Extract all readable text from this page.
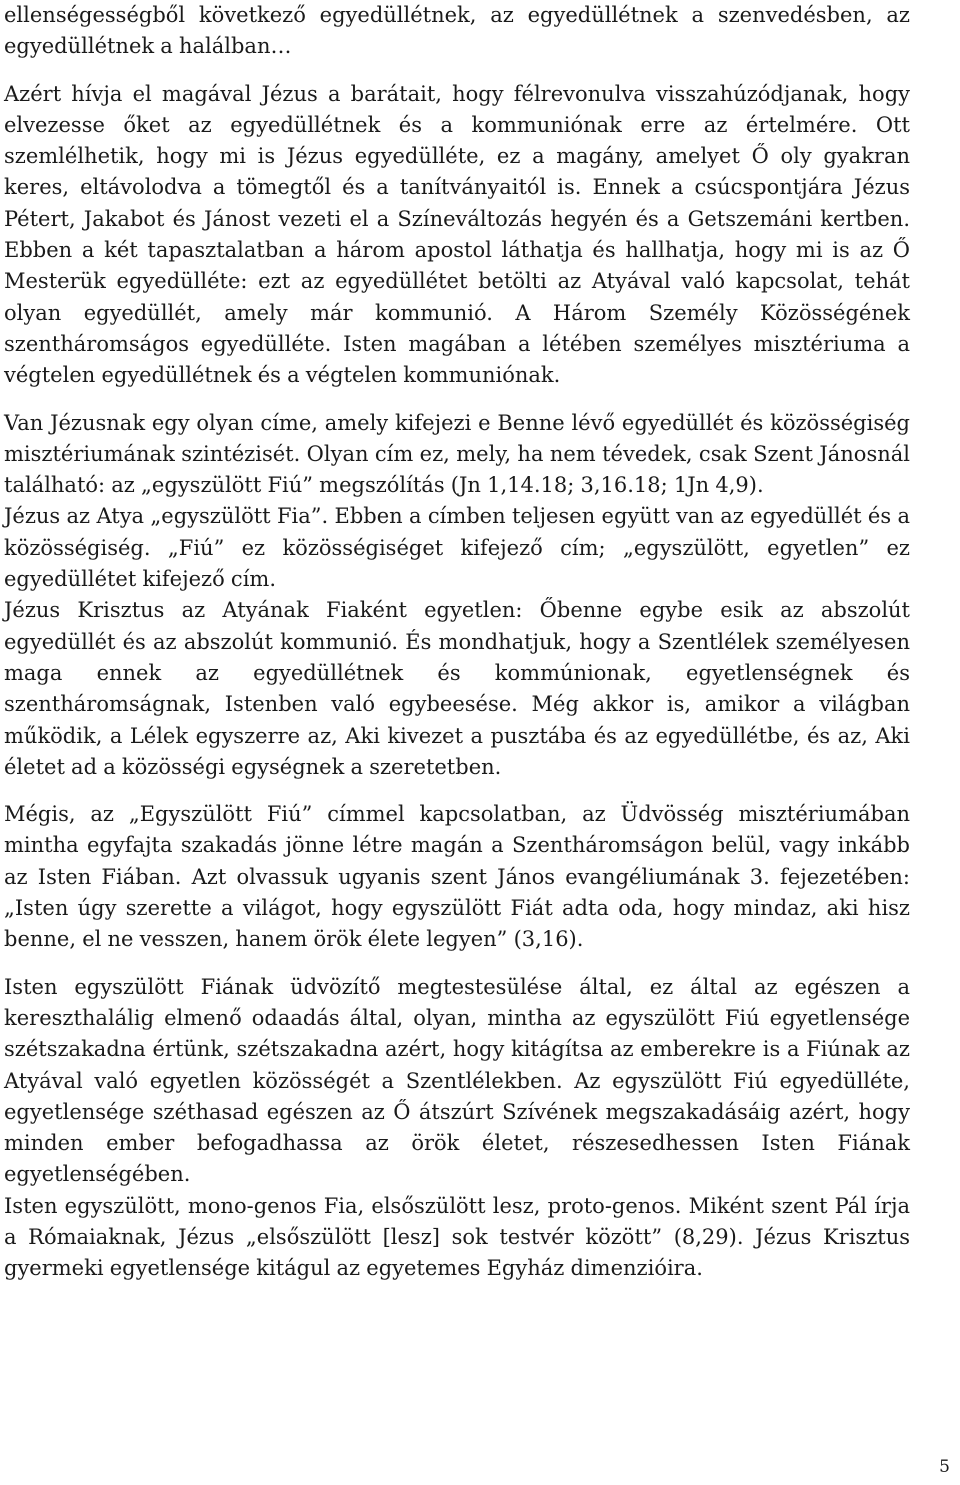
ellenségességből következő egyedüllétnek, az egyedüllétnek a szenvedésben, az egyedüllétnek a halálban…

Azért hívja el magával Jézus a barátait, hogy félrevonulva visszahúzódjanak, hogy elvezesse őket az egyedüllétnek és a kommuniónak erre az értelmére. Ott szemlélhetik, hogy mi is Jézus egyedülléte, ez a magány, amelyet Ő oly gyakran keres, eltávolodva a tömegtől és a tanítványaitól is. Ennek a csúcspontjára Jézus Pétert, Jakabot és Jánost vezeti el a Színeváltozás hegyén és a Getszemáni kertben. Ebben a két tapasztalatban a három apostol láthatja és hallhatja, hogy mi is az Ő Mesterük egyedülléte: ezt az egyedüllétet betölti az Atyával való kapcsolat, tehát olyan egyedüllét, amely már kommunió. A Három Személy Közösségének szentháromságos egyedülléte. Isten magában a létében személyes misztériuma a végtelen egyedüllétnek és a végtelen kommuniónak.

Van Jézusnak egy olyan címe, amely kifejezi e Benne lévő egyedüllét és közösségiség misztériumának szintézisét. Olyan cím ez, mely, ha nem tévedek, csak Szent Jánosnál található: az „egyszülött Fiú” megszólítás (Jn 1,14.18; 3,16.18; 1Jn 4,9).

Jézus az Atya „egyszülött Fia”. Ebben a címben teljesen együtt van az egyedüllét és a közösségiség. „Fiú” ez közösségiséget kifejező cím; „egyszülött, egyetlen” ez egyedüllétet kifejező cím.

Jézus Krisztus az Atyának Fiaként egyetlen: Őbenne egybe esik az abszolút egyedüllét és az abszolút kommunió. És mondhatjuk, hogy a Szentlélek személyesen maga ennek az egyedüllétnek és kommúnionak, egyetlenségnek és szentháromságnak, Istenben való egybeesése. Még akkor is, amikor a világban működik, a Lélek egyszerre az, Aki kivezet a pusztába és az egyedüllétbe, és az, Aki életet ad a közösségi egységnek a szeretetben.

Mégis, az „Egyszülött Fiú” címmel kapcsolatban, az Üdvösség misztériumában mintha egyfajta szakadás jönne létre magán a Szentháromságon belül, vagy inkább az Isten Fiában. Azt olvassuk ugyanis szent János evangéliumának 3. fejezetében: „Isten úgy szerette a világot, hogy egyszülött Fiát adta oda, hogy mindaz, aki hisz benne, el ne vesszen, hanem örök élete legyen” (3,16).

Isten egyszülött Fiának üdvözítő megtestesülése által, ez által az egészen a kereszthalálig elmenő odaadás által, olyan, mintha az egyszülött Fiú egyetlensége szétszakadna értünk, szétszakadna azért, hogy kitágítsa az emberekre is a Fiúnak az Atyával való egyetlen közösségét a Szentlélekben. Az egyszülött Fiú egyedülléte, egyetlensége széthasad egészen az Ő átszúrt Szívének megszakadásáig azért, hogy minden ember befogadhassa az örök életet, részesedhessen Isten Fiának egyetlenségében.

Isten egyszülött, mono-genos Fia, elsőszülött lesz, proto-genos. Miként szent Pál írja a Rómaiaknak, Jézus „elsőszülött [lesz] sok testvér között” (8,29). Jézus Krisztus gyermeki egyetlensége kitágul az egyetemes Egyház dimenzióira.

5
